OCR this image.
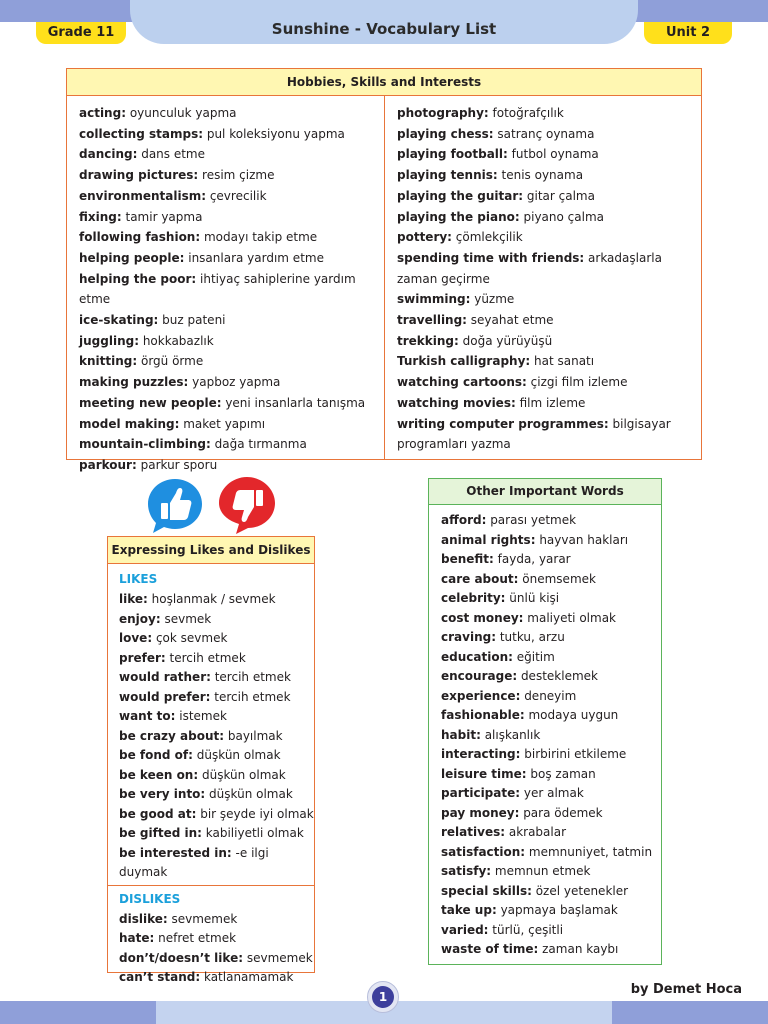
Sunshine - Vocabulary List
Grade 11	Unit 2
Hobbies, Skills and Interests
acting: oyunculuk yapma
collecting stamps: pul koleksiyonu yapma
dancing: dans etme
drawing pictures: resim çizme
environmentalism: çevrecilik
fixing: tamir yapma
following fashion: modayı takip etme
helping people: insanlara yardım etme
helping the poor: ihtiyaç sahiplerine yardım etme
ice-skating: buz pateni
juggling: hokkabazlık
knitting: örgü örme
making puzzles: yapboz yapma
meeting new people: yeni insanlarla tanışma
model making: maket yapımı
mountain-climbing: dağa tırmanma
parkour: parkur sporu
photography: fotoğrafçılık
playing chess: satranç oynama
playing football: futbol oynama
playing tennis: tenis oynama
playing the guitar: gitar çalma
playing the piano: piyano çalma
pottery: çömlekçilik
spending time with friends: arkadaşlarla zaman geçirme
swimming: yüzme
travelling: seyahat etme
trekking: doğa yürüyüşü
Turkish calligraphy: hat sanatı
watching cartoons: çizgi film izleme
watching movies: film izleme
writing computer programmes: bilgisayar programları yazma
Expressing Likes and Dislikes
LIKES
like: hoşlanmak / sevmek
enjoy: sevmek
love: çok sevmek
prefer: tercih etmek
would rather: tercih etmek
would prefer: tercih etmek
want to: istemek
be crazy about: bayılmak
be fond of: düşkün olmak
be keen on: düşkün olmak
be very into: düşkün olmak
be good at: bir şeyde iyi olmak
be gifted in: kabiliyetli olmak
be interested in: -e ilgi duymak
DISLIKES
dislike: sevmemek
hate: nefret etmek
don’t/doesn’t like: sevmemek
can’t stand: katlanamamak
Other Important Words
afford: parası yetmek
animal rights: hayvan hakları
benefit: fayda, yarar
care about: önemsemek
celebrity: ünlü kişi
cost money: maliyeti olmak
craving: tutku, arzu
education: eğitim
encourage: desteklemek
experience: deneyim
fashionable: modaya uygun
habit: alışkanlık
interacting: birbirini etkileme
leisure time: boş zaman
participate: yer almak
pay money: para ödemek
relatives: akrabalar
satisfaction: memnuniyet, tatmin
satisfy: memnun etmek
special skills: özel yetenekler
take up: yapmaya başlamak
varied: türlü, çeşitli
waste of time: zaman kaybı
1	by Demet Hoca
